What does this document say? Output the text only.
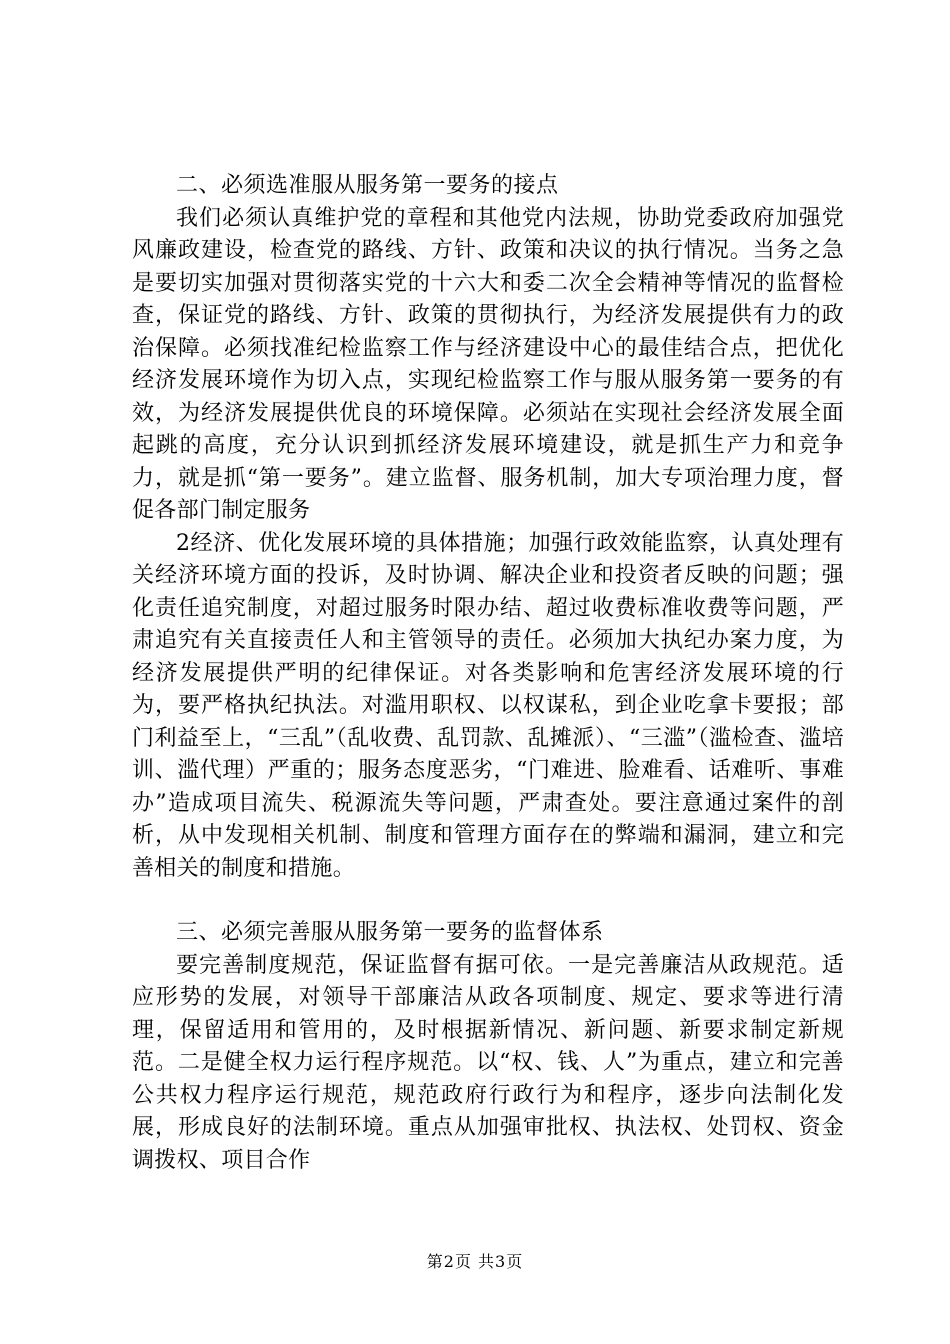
二、必须选准服从服务第一要务的接点

我们必须认真维护党的章程和其他党内法规，协助党委政府加强党风廉政建设，检查党的路线、方针、政策和决议的执行情况。当务之急是要切实加强对贯彻落实党的十六大和委二次全会精神等情况的监督检查，保证党的路线、方针、政策的贯彻执行，为经济发展提供有力的政治保障。必须找准纪检监察工作与经济建设中心的最佳结合点，把优化经济发展环境作为切入点，实现纪检监察工作与服从服务第一要务的有效，为经济发展提供优良的环境保障。必须站在实现社会经济发展全面起跳的高度，充分认识到抓经济发展环境建设，就是抓生产力和竞争力，就是抓“第一要务”。建立监督、服务机制，加大专项治理力度，督促各部门制定服务

2经济、优化发展环境的具体措施；加强行政效能监察，认真处理有关经济环境方面的投诉，及时协调、解决企业和投资者反映的问题；强化责任追究制度，对超过服务时限办结、超过收费标准收费等问题，严肃追究有关直接责任人和主管领导的责任。必须加大执纪办案力度，为经济发展提供严明的纪律保证。对各类影响和危害经济发展环境的行为，要严格执纪执法。对滥用职权、以权谋私，到企业吃拿卡要报；部门利益至上，“三乱”（乱收费、乱罚款、乱摊派）、“三滥”（滥检查、滥培训、滥代理）严重的；服务态度恶劣，“门难进、脸难看、话难听、事难办”造成项目流失、税源流失等问题，严肃查处。要注意通过案件的剖析，从中发现相关机制、制度和管理方面存在的弊端和漏洞，建立和完善相关的制度和措施。

三、必须完善服从服务第一要务的监督体系

要完善制度规范，保证监督有据可依。一是完善廉洁从政规范。适应形势的发展，对领导干部廉洁从政各项制度、规定、要求等进行清理，保留适用和管用的，及时根据新情况、新问题、新要求制定新规范。二是健全权力运行程序规范。以“权、钱、人”为重点，建立和完善公共权力程序运行规范，规范政府行政行为和程序，逐步向法制化发展，形成良好的法制环境。重点从加强审批权、执法权、处罚权、资金调拨权、项目合作

第2页 共3页
